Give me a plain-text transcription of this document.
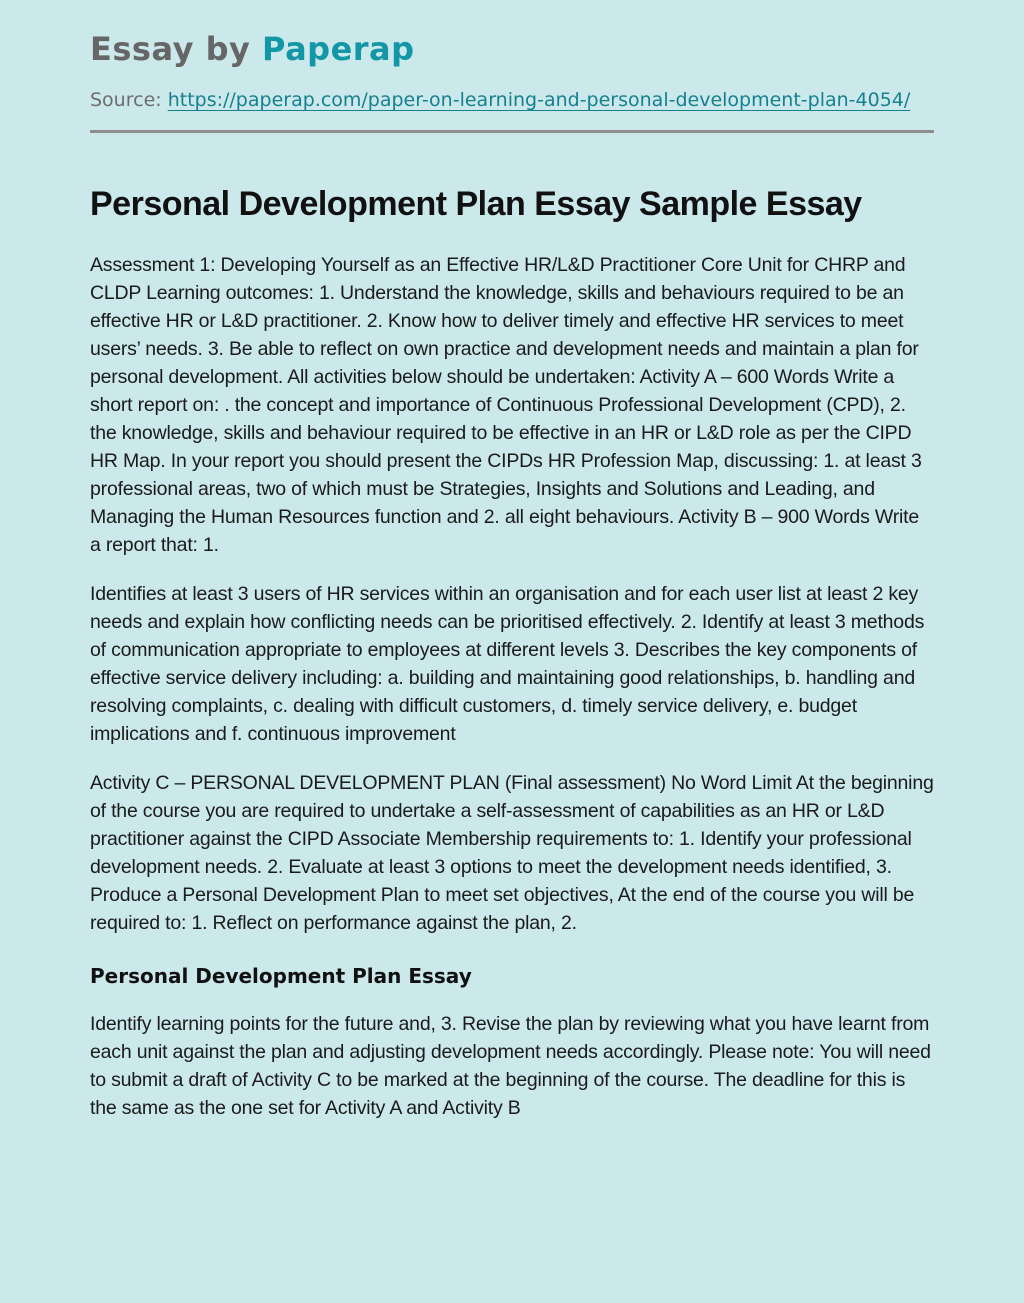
Essay by Paperap

Source: https://paperap.com/paper-on-learning-and-personal-development-plan-4054/

Personal Development Plan Essay Sample Essay

Assessment 1: Developing Yourself as an Effective HR/L&D Practitioner Core Unit for CHRP and CLDP Learning outcomes: 1. Understand the knowledge, skills and behaviours required to be an effective HR or L&D practitioner. 2. Know how to deliver timely and effective HR services to meet users’ needs. 3. Be able to reflect on own practice and development needs and maintain a plan for personal development. All activities below should be undertaken: Activity A – 600 Words Write a short report on: . the concept and importance of Continuous Professional Development (CPD), 2. the knowledge, skills and behaviour required to be effective in an HR or L&D role as per the CIPD HR Map. In your report you should present the CIPDs HR Profession Map, discussing: 1. at least 3 professional areas, two of which must be Strategies, Insights and Solutions and Leading, and Managing the Human Resources function and 2. all eight behaviours. Activity B – 900 Words Write a report that: 1.

Identifies at least 3 users of HR services within an organisation and for each user list at least 2 key needs and explain how conflicting needs can be prioritised effectively. 2. Identify at least 3 methods of communication appropriate to employees at different levels 3. Describes the key components of effective service delivery including: a. building and maintaining good relationships, b. handling and resolving complaints, c. dealing with difficult customers, d. timely service delivery, e. budget implications and f. continuous improvement

Activity C – PERSONAL DEVELOPMENT PLAN (Final assessment) No Word Limit At the beginning of the course you are required to undertake a self-assessment of capabilities as an HR or L&D practitioner against the CIPD Associate Membership requirements to: 1. Identify your professional development needs. 2. Evaluate at least 3 options to meet the development needs identified, 3. Produce a Personal Development Plan to meet set objectives, At the end of the course you will be required to: 1. Reflect on performance against the plan, 2.

Personal Development Plan Essay

Identify learning points for the future and, 3. Revise the plan by reviewing what you have learnt from each unit against the plan and adjusting development needs accordingly. Please note: You will need to submit a draft of Activity C to be marked at the beginning of the course. The deadline for this is the same as the one set for Activity A and Activity B
